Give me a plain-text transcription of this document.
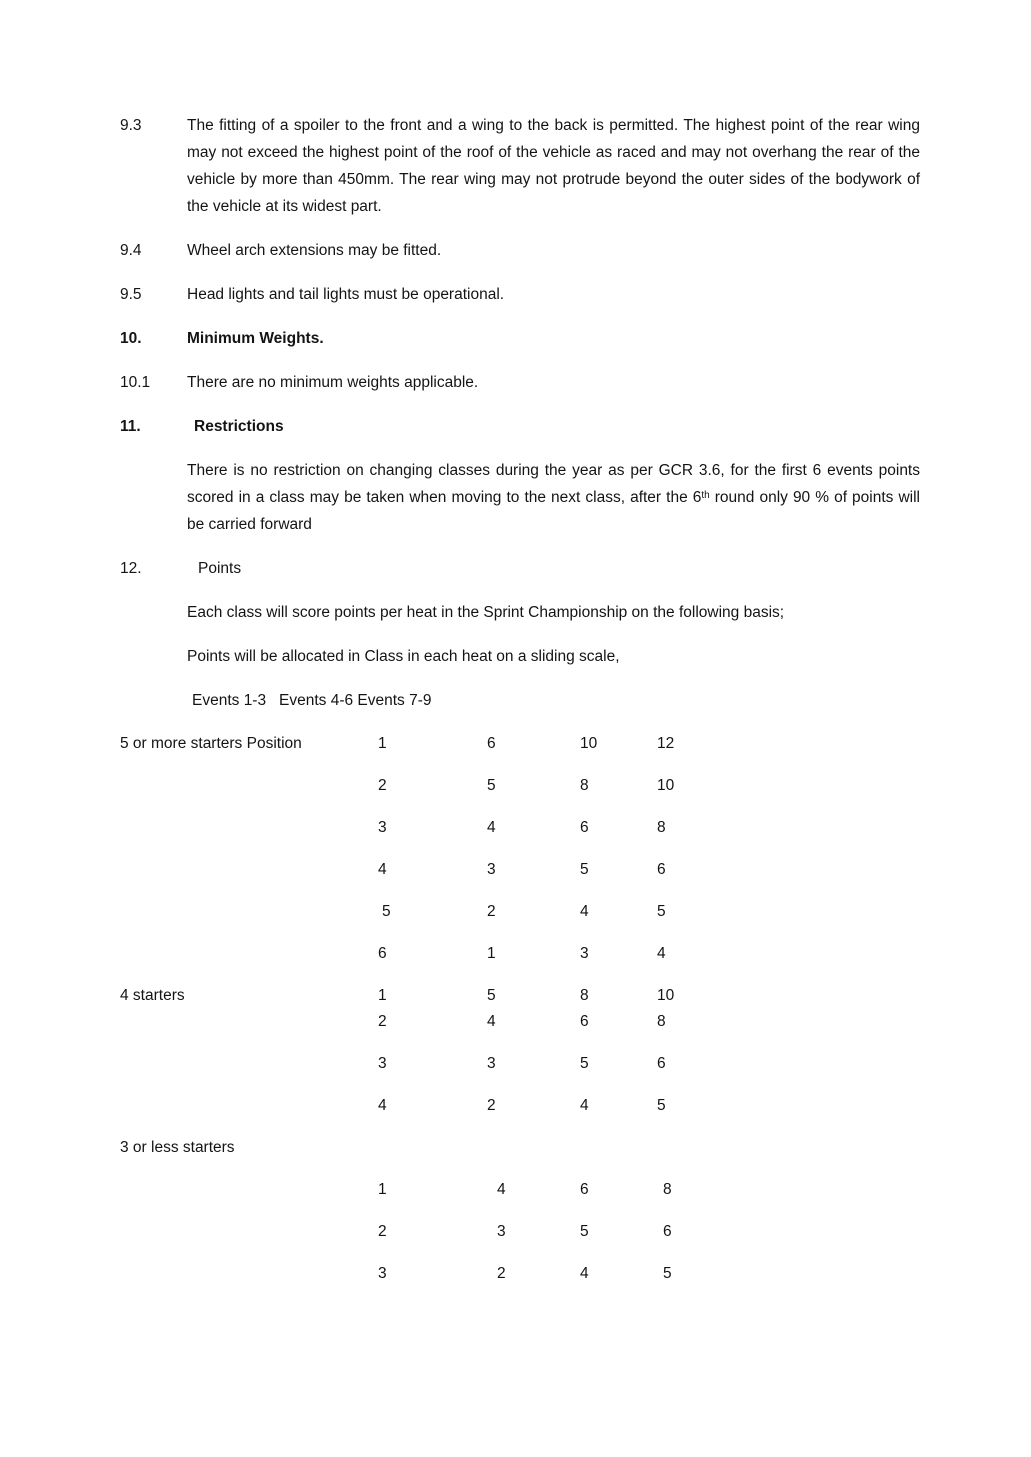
9.3	The fitting of a spoiler to the front and a wing to the back is permitted. The highest point of the rear wing may not exceed the highest point of the roof of the vehicle as raced and may not overhang the rear of the vehicle by more than 450mm. The rear wing may not protrude beyond the outer sides of the bodywork of the vehicle at its widest part.
9.4	Wheel arch extensions may be fitted.
9.5	Head lights and tail lights must be operational.
10.	Minimum Weights.
10.1	There are no minimum weights applicable.
11.	Restrictions
There is no restriction on changing classes during the year as per GCR 3.6, for the first 6 events points scored in a class may be taken when moving to the next class, after the 6th round only 90 % of points will be carried forward
12.	Points
Each class will score points per heat in the Sprint Championship on the following basis;
Points will be allocated in Class in each heat on a sliding scale,
Events 1-3   Events 4-6 Events 7-9
5 or more starters Position	1	6	10	12
2	5	8	10
3	4	6	8
4	3	5	6
5	2	4	5
6	1	3	4
4 starters	1	5	8	10
2	4	6	8
3	3	5	6
4	2	4	5
3 or less starters
1	4	6	8
2	3	5	6
3	2	4	5
